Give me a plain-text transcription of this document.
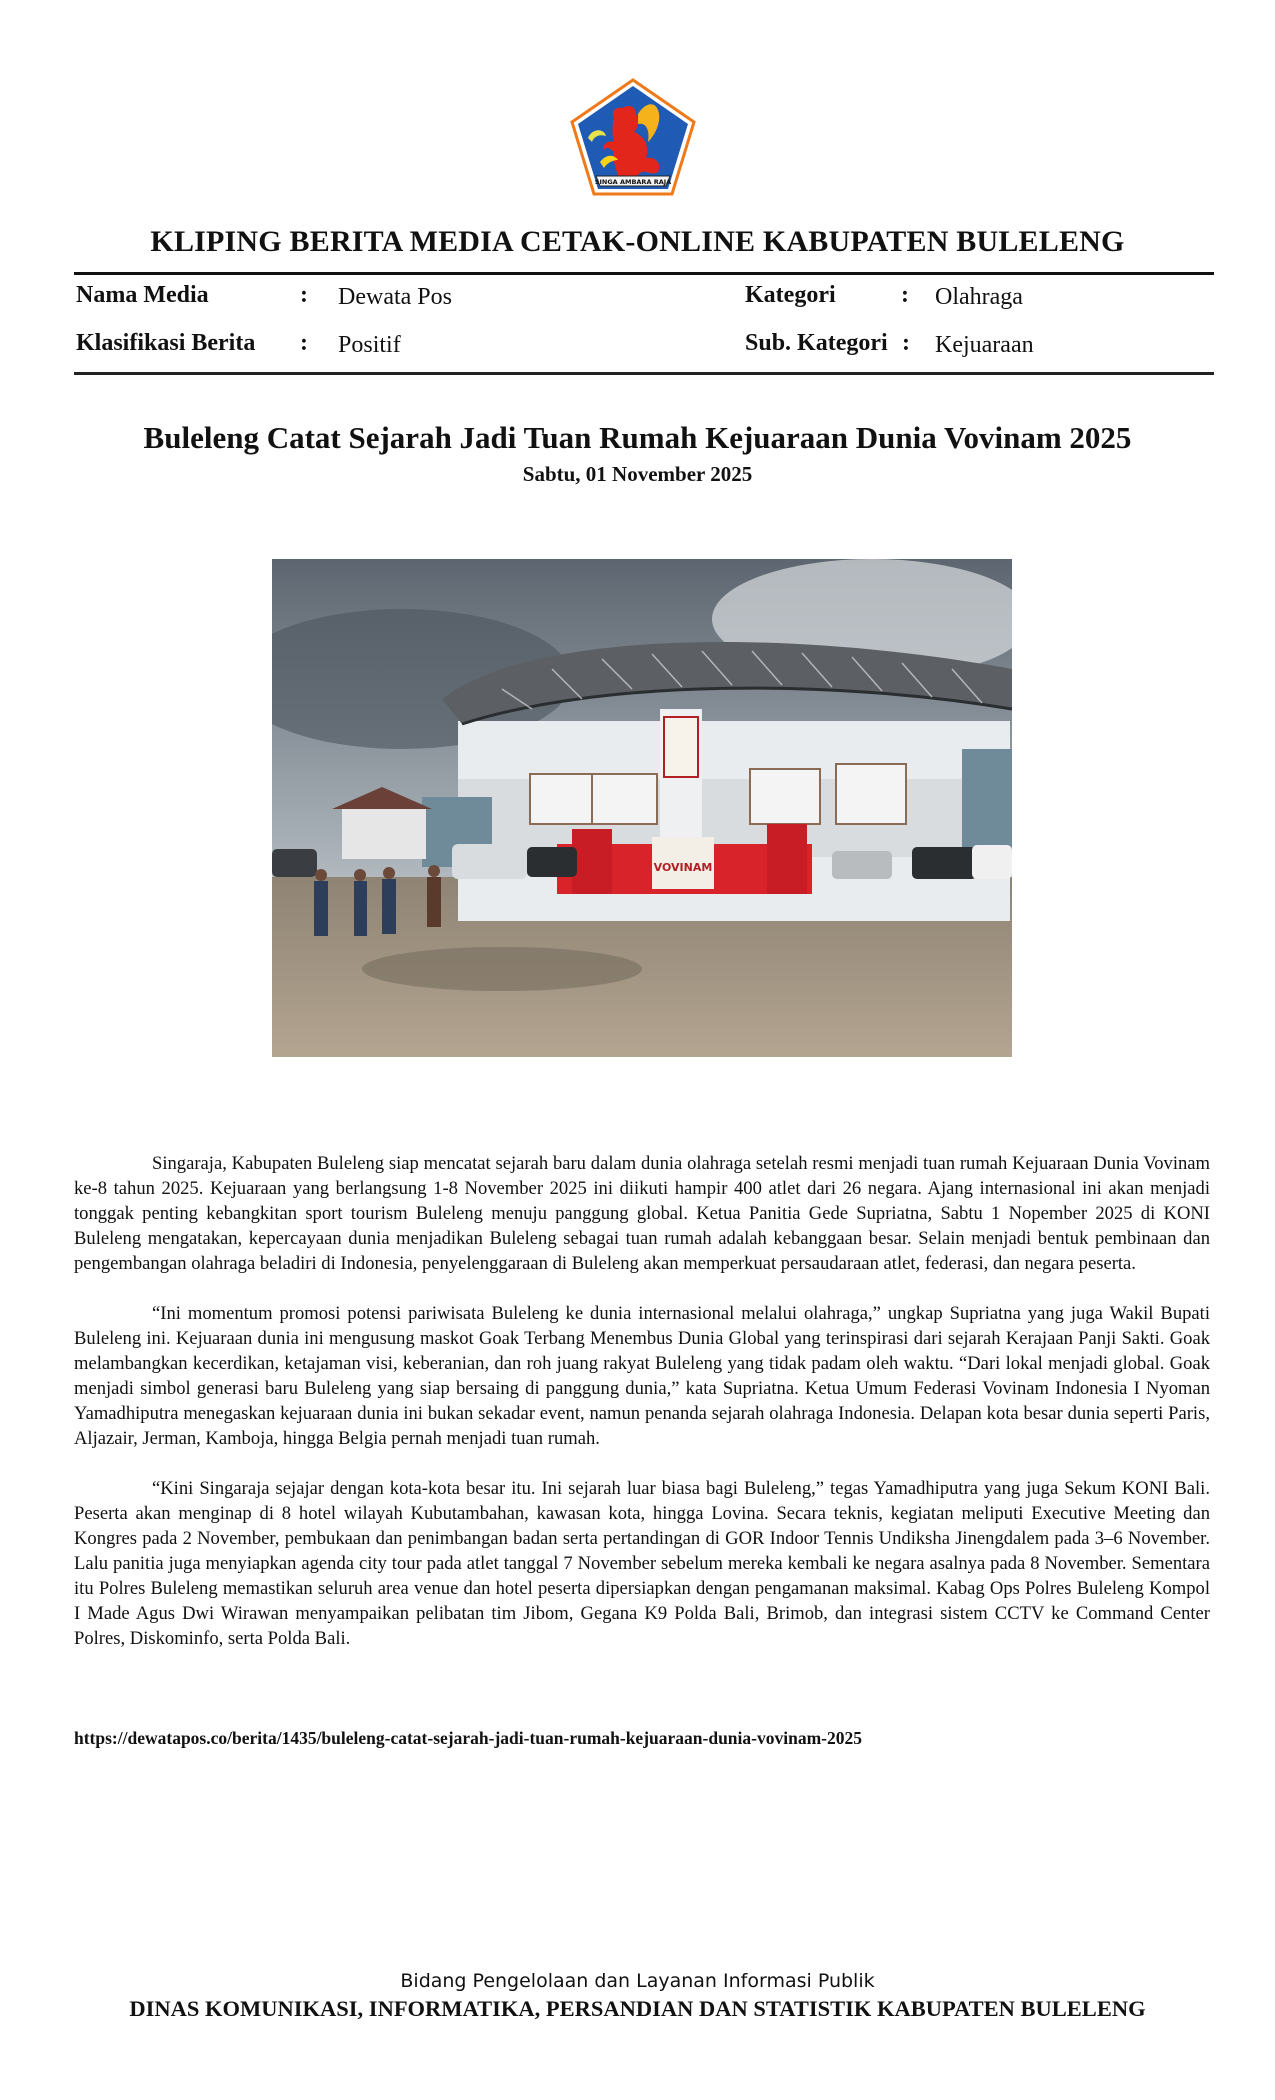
SINGA AMBARA RAJA
KLIPING BERITA MEDIA CETAK-ONLINE KABUPATEN BULELENG
Nama Media	: Dewata Pos
Klasifikasi Berita : Positif
Kategori	: Olahraga
Sub. Kategori : Kejuaraan
Buleleng Catat Sejarah Jadi Tuan Rumah Kejuaraan Dunia Vovinam 2025
Sabtu, 01 November 2025
VOVINAM

Singaraja, Kabupaten Buleleng siap mencatat sejarah baru dalam dunia olahraga setelah resmi menjadi tuan rumah Kejuaraan Dunia Vovinam ke-8 tahun 2025. Kejuaraan yang berlangsung 1-8 November 2025 ini diikuti hampir 400 atlet dari 26 negara. Ajang internasional ini akan menjadi tonggak penting kebangkitan sport tourism Buleleng menuju panggung global. Ketua Panitia Gede Supriatna, Sabtu 1 Nopember 2025 di KONI Buleleng mengatakan, kepercayaan dunia menjadikan Buleleng sebagai tuan rumah adalah kebanggaan besar. Selain menjadi bentuk pembinaan dan pengembangan olahraga beladiri di Indonesia, penyelenggaraan di Buleleng akan memperkuat persaudaraan atlet, federasi, dan negara peserta.

“Ini momentum promosi potensi pariwisata Buleleng ke dunia internasional melalui olahraga,” ungkap Supriatna yang juga Wakil Bupati Buleleng ini. Kejuaraan dunia ini mengusung maskot Goak Terbang Menembus Dunia Global yang terinspirasi dari sejarah Kerajaan Panji Sakti. Goak melambangkan kecerdikan, ketajaman visi, keberanian, dan roh juang rakyat Buleleng yang tidak padam oleh waktu. “Dari lokal menjadi global. Goak menjadi simbol generasi baru Buleleng yang siap bersaing di panggung dunia,” kata Supriatna. Ketua Umum Federasi Vovinam Indonesia I Nyoman Yamadhiputra menegaskan kejuaraan dunia ini bukan sekadar event, namun penanda sejarah olahraga Indonesia. Delapan kota besar dunia seperti Paris, Aljazair, Jerman, Kamboja, hingga Belgia pernah menjadi tuan rumah.

“Kini Singaraja sejajar dengan kota-kota besar itu. Ini sejarah luar biasa bagi Buleleng,” tegas Yamadhiputra yang juga Sekum KONI Bali. Peserta akan menginap di 8 hotel wilayah Kubutambahan, kawasan kota, hingga Lovina. Secara teknis, kegiatan meliputi Executive Meeting dan Kongres pada 2 November, pembukaan dan penimbangan badan serta pertandingan di GOR Indoor Tennis Undiksha Jinengdalem pada 3–6 November. Lalu panitia juga menyiapkan agenda city tour pada atlet tanggal 7 November sebelum mereka kembali ke negara asalnya pada 8 November. Sementara itu Polres Buleleng memastikan seluruh area venue dan hotel peserta dipersiapkan dengan pengamanan maksimal. Kabag Ops Polres Buleleng Kompol I Made Agus Dwi Wirawan menyampaikan pelibatan tim Jibom, Gegana K9 Polda Bali, Brimob, dan integrasi sistem CCTV ke Command Center Polres, Diskominfo, serta Polda Bali.

https://dewatapos.co/berita/1435/buleleng-catat-sejarah-jadi-tuan-rumah-kejuaraan-dunia-vovinam-2025
Bidang Pengelolaan dan Layanan Informasi Publik
DINAS KOMUNIKASI, INFORMATIKA, PERSANDIAN DAN STATISTIK KABUPATEN BULELENG
